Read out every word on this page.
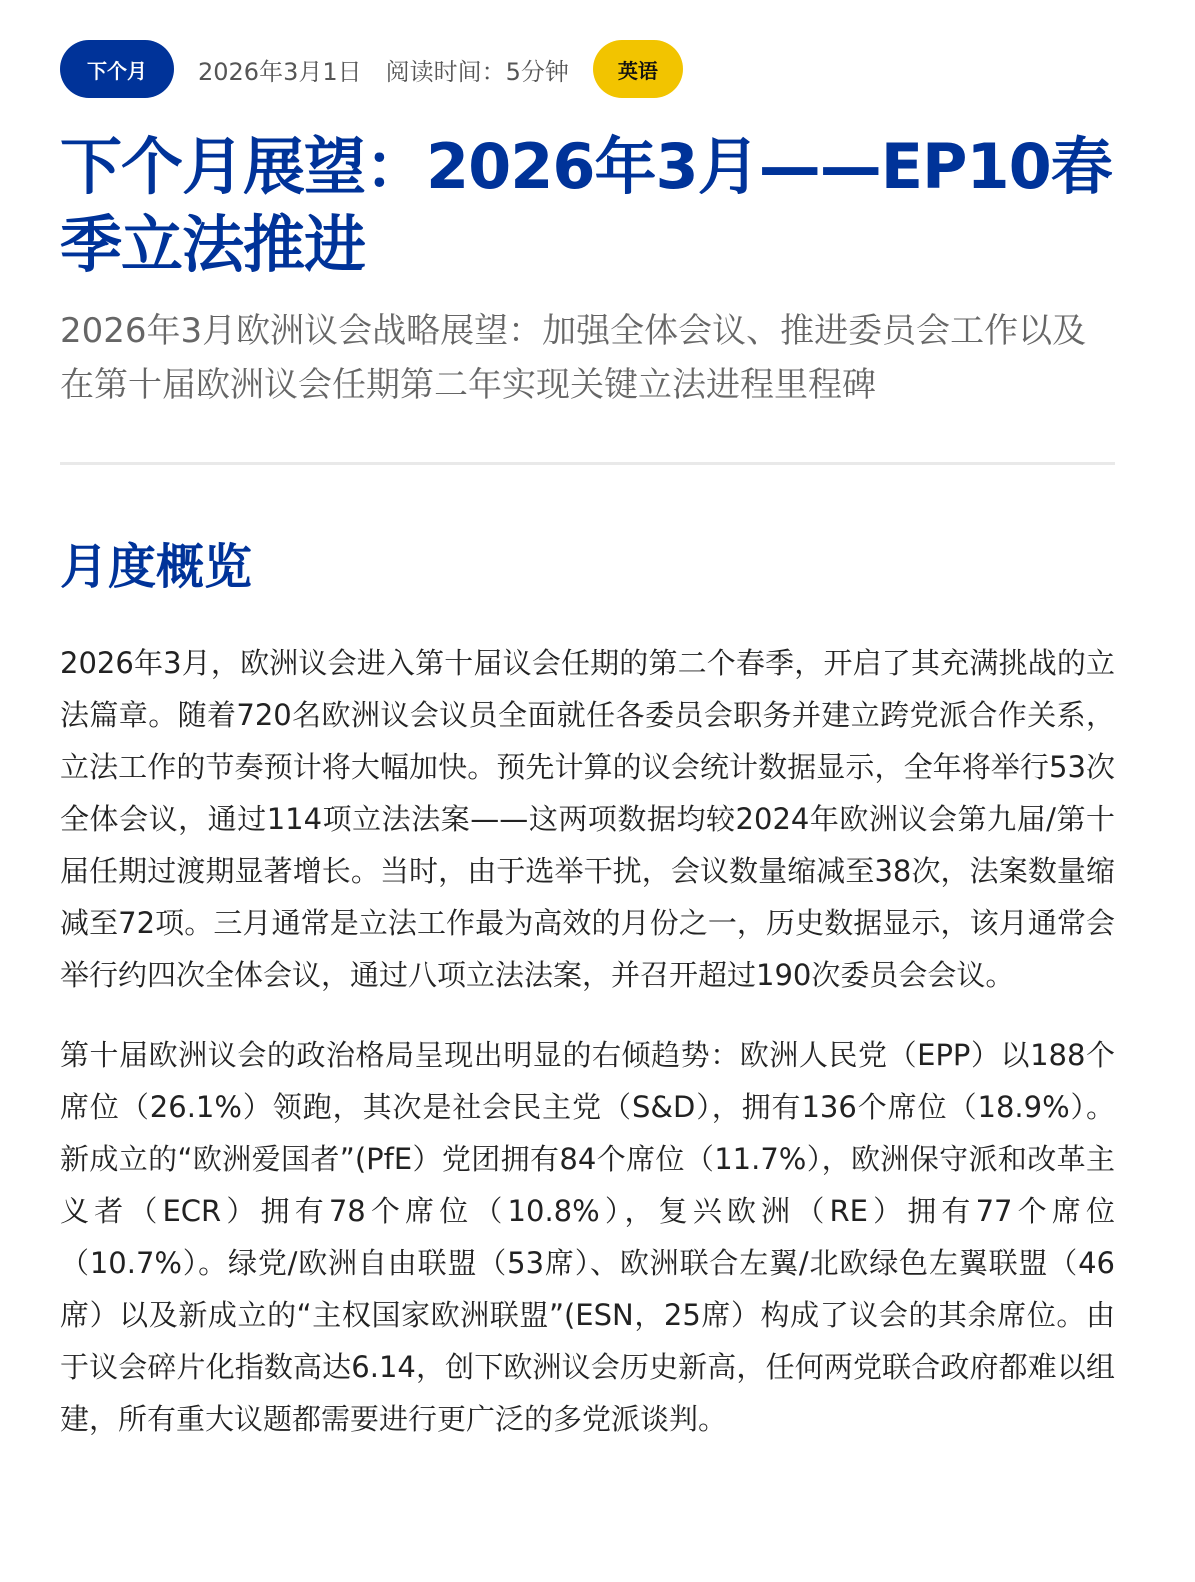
下个月	2026年3月1日 阅读时间：5分钟	英语
下个月展望：2026年3月——EP10春季立法推进

2026年3月欧洲议会战略展望：加强全体会议、推进委员会工作以及在第十届欧洲议会任期第二年实现关键立法进程里程碑

月度概览

2026年3月，欧洲议会进入第十届议会任期的第二个春季，开启了其充满挑战的立法篇章。随着720名欧洲议会议员全面就任各委员会职务并建立跨党派合作关系，立法工作的节奏预计将大幅加快。预先计算的议会统计数据显示，全年将举行53次全体会议，通过114项立法法案——这两项数据均较2024年欧洲议会第九届/第十届任期过渡期显著增长。当时，由于选举干扰，会议数量缩减至38次，法案数量缩减至72项。三月通常是立法工作最为高效的月份之一，历史数据显示，该月通常会举行约四次全体会议，通过八项立法法案，并召开超过190次委员会会议。

第十届欧洲议会的政治格局呈现出明显的右倾趋势：欧洲人民党（EPP）以188个席位（26.1%）领跑，其次是社会民主党（S&D），拥有136个席位（18.9%）。新成立的“欧洲爱国者”(PfE）党团拥有84个席位（11.7%），欧洲保守派和改革主义者（ECR）拥有78个席位（10.8%），复兴欧洲（RE）拥有77个席位（10.7%）。绿党/欧洲自由联盟（53席）、欧洲联合左翼/北欧绿色左翼联盟（46席）以及新成立的“主权国家欧洲联盟”(ESN，25席）构成了议会的其余席位。由于议会碎片化指数高达6.14，创下欧洲议会历史新高，任何两党联合政府都难以组建，所有重大议题都需要进行更广泛的多党派谈判。
